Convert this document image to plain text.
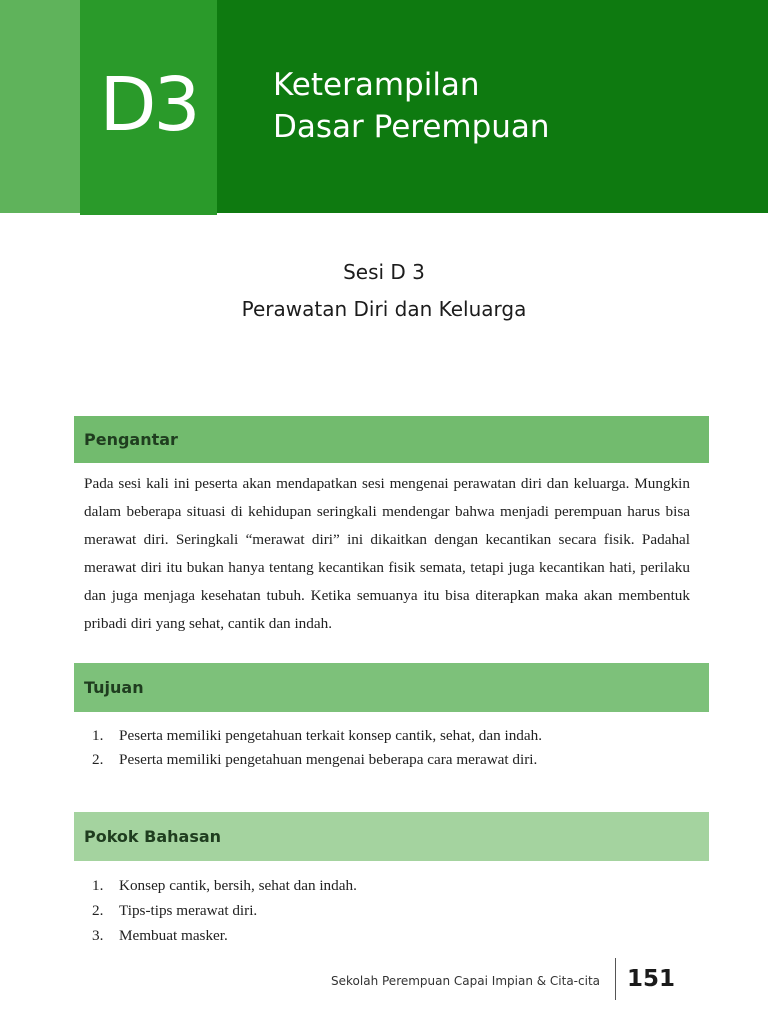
D3 Keterampilan
Dasar Perempuan
Sesi D 3
Perawatan Diri dan Keluarga
Pengantar

Pada sesi kali ini peserta akan mendapatkan sesi mengenai perawatan diri dan keluarga. Mungkin dalam beberapa situasi di kehidupan seringkali mendengar bahwa menjadi perempuan harus bisa merawat diri. Seringkali “merawat diri” ini dikaitkan dengan kecantikan secara fisik. Padahal merawat diri itu bukan hanya tentang kecantikan fisik semata, tetapi juga kecantikan hati, perilaku dan juga menjaga kesehatan tubuh. Ketika semuanya itu bisa diterapkan maka akan membentuk pribadi diri yang sehat, cantik dan indah.

Tujuan
1.	Peserta memiliki pengetahuan terkait konsep cantik, sehat, dan indah.
2.	Peserta memiliki pengetahuan mengenai beberapa cara merawat diri.
Pokok Bahasan
1.	Konsep cantik, bersih, sehat dan indah.
2.	Tips-tips merawat diri.
3.	Membuat masker.
Sekolah Perempuan Capai Impian & Cita-cita 151
